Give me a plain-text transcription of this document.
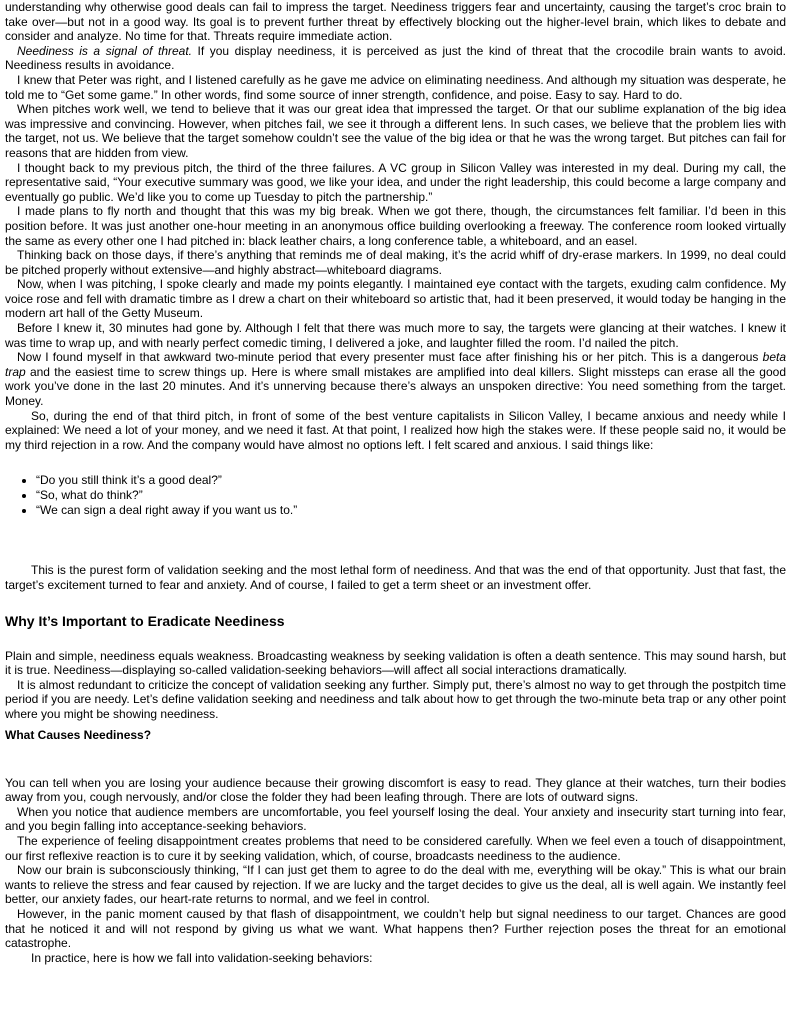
understanding why otherwise good deals can fail to impress the target. Neediness triggers fear and uncertainty, causing the target’s croc brain to take over—but not in a good way. Its goal is to prevent further threat by effectively blocking out the higher-level brain, which likes to debate and consider and analyze. No time for that. Threats require immediate action.

Neediness is a signal of threat. If you display neediness, it is perceived as just the kind of threat that the crocodile brain wants to avoid. Neediness results in avoidance.

I knew that Peter was right, and I listened carefully as he gave me advice on eliminating neediness. And although my situation was desperate, he told me to “Get some game.” In other words, find some source of inner strength, confidence, and poise. Easy to say. Hard to do.

When pitches work well, we tend to believe that it was our great idea that impressed the target. Or that our sublime explanation of the big idea was impressive and convincing. However, when pitches fail, we see it through a different lens. In such cases, we believe that the problem lies with the target, not us. We believe that the target somehow couldn’t see the value of the big idea or that he was the wrong target. But pitches can fail for reasons that are hidden from view.

I thought back to my previous pitch, the third of the three failures. A VC group in Silicon Valley was interested in my deal. During my call, the representative said, “Your executive summary was good, we like your idea, and under the right leadership, this could become a large company and eventually go public. We’d like you to come up Tuesday to pitch the partnership.”

I made plans to fly north and thought that this was my big break. When we got there, though, the circumstances felt familiar. I’d been in this position before. It was just another one-hour meeting in an anonymous office building overlooking a freeway. The conference room looked virtually the same as every other one I had pitched in: black leather chairs, a long conference table, a whiteboard, and an easel.

Thinking back on those days, if there’s anything that reminds me of deal making, it’s the acrid whiff of dry-erase markers. In 1999, no deal could be pitched properly without extensive—and highly abstract—whiteboard diagrams.

Now, when I was pitching, I spoke clearly and made my points elegantly. I maintained eye contact with the targets, exuding calm confidence. My voice rose and fell with dramatic timbre as I drew a chart on their whiteboard so artistic that, had it been preserved, it would today be hanging in the modern art hall of the Getty Museum.

Before I knew it, 30 minutes had gone by. Although I felt that there was much more to say, the targets were glancing at their watches. I knew it was time to wrap up, and with nearly perfect comedic timing, I delivered a joke, and laughter filled the room. I’d nailed the pitch.

Now I found myself in that awkward two-minute period that every presenter must face after finishing his or her pitch. This is a dangerous beta trap and the easiest time to screw things up. Here is where small mistakes are amplified into deal killers. Slight missteps can erase all the good work you’ve done in the last 20 minutes. And it’s unnerving because there’s always an unspoken directive: You need something from the target. Money.

So, during the end of that third pitch, in front of some of the best venture capitalists in Silicon Valley, I became anxious and needy while I explained: We need a lot of your money, and we need it fast. At that point, I realized how high the stakes were. If these people said no, it would be my third rejection in a row. And the company would have almost no options left. I felt scared and anxious. I said things like:

• “Do you still think it’s a good deal?”
• “So, what do think?”
• “We can sign a deal right away if you want us to.”

This is the purest form of validation seeking and the most lethal form of neediness. And that was the end of that opportunity. Just that fast, the target’s excitement turned to fear and anxiety. And of course, I failed to get a term sheet or an investment offer.

Why It’s Important to Eradicate Neediness

Plain and simple, neediness equals weakness. Broadcasting weakness by seeking validation is often a death sentence. This may sound harsh, but it is true. Neediness—displaying so-called validation-seeking behaviors—will affect all social interactions dramatically.

It is almost redundant to criticize the concept of validation seeking any further. Simply put, there’s almost no way to get through the postpitch time period if you are needy. Let’s define validation seeking and neediness and talk about how to get through the two-minute beta trap or any other point where you might be showing neediness.

What Causes Neediness?

You can tell when you are losing your audience because their growing discomfort is easy to read. They glance at their watches, turn their bodies away from you, cough nervously, and/or close the folder they had been leafing through. There are lots of outward signs.

When you notice that audience members are uncomfortable, you feel yourself losing the deal. Your anxiety and insecurity start turning into fear, and you begin falling into acceptance-seeking behaviors.

The experience of feeling disappointment creates problems that need to be considered carefully. When we feel even a touch of disappointment, our first reflexive reaction is to cure it by seeking validation, which, of course, broadcasts neediness to the audience.

Now our brain is subconsciously thinking, “If I can just get them to agree to do the deal with me, everything will be okay.” This is what our brain wants to relieve the stress and fear caused by rejection. If we are lucky and the target decides to give us the deal, all is well again. We instantly feel better, our anxiety fades, our heart-rate returns to normal, and we feel in control.

However, in the panic moment caused by that flash of disappointment, we couldn’t help but signal neediness to our target. Chances are good that he noticed it and will not respond by giving us what we want. What happens then? Further rejection poses the threat for an emotional catastrophe.

In practice, here is how we fall into validation-seeking behaviors:
